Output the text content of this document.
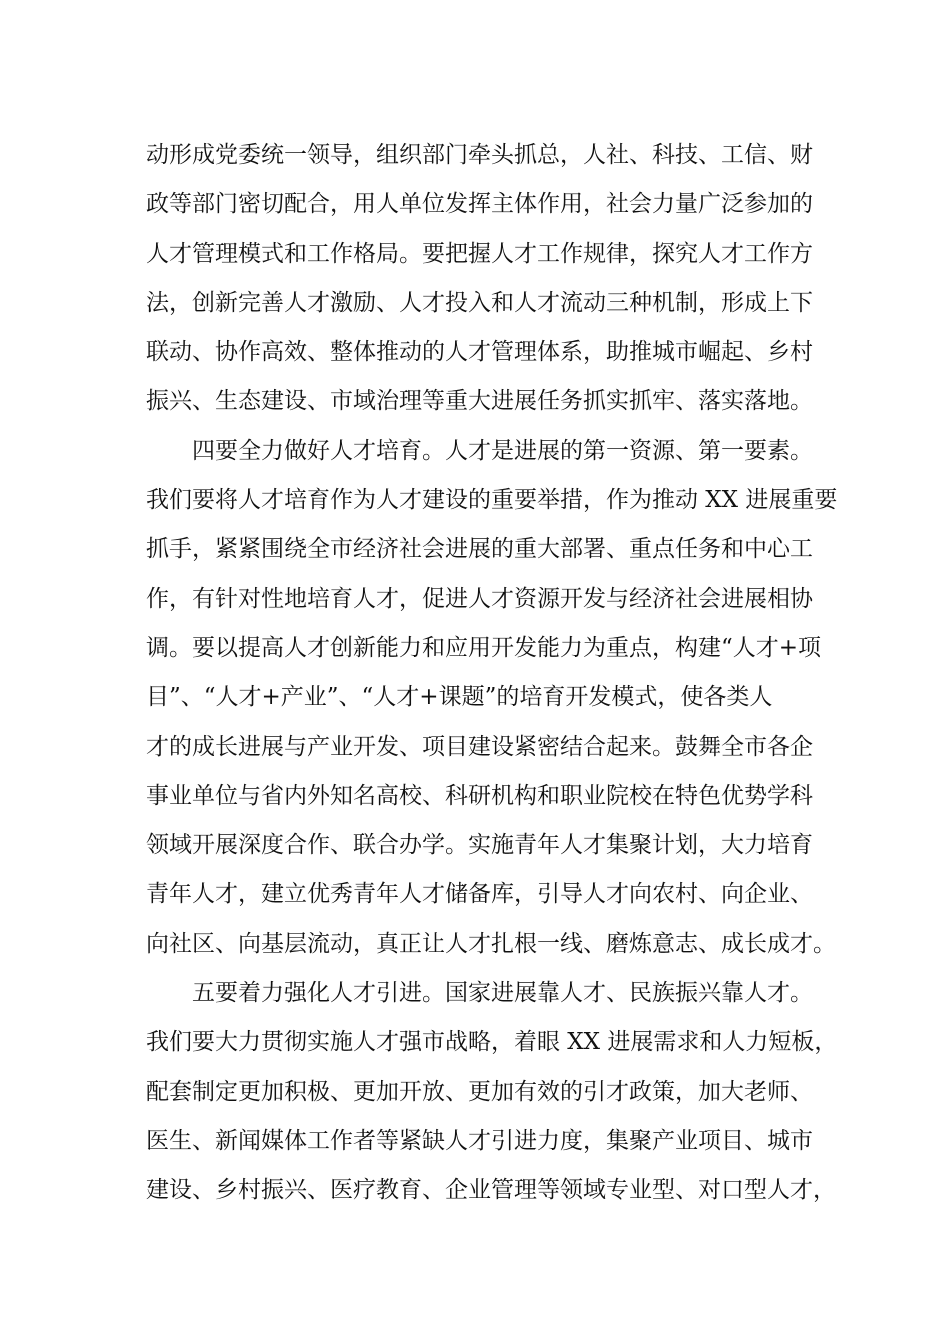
动形成党委统一领导，组织部门牵头抓总，人社、科技、工信、财
政等部门密切配合，用人单位发挥主体作用，社会力量广泛参加的
人才管理模式和工作格局。要把握人才工作规律，探究人才工作方
法，创新完善人才激励、人才投入和人才流动三种机制，形成上下
联动、协作高效、整体推动的人才管理体系，助推城市崛起、乡村
振兴、生态建设、市域治理等重大进展任务抓实抓牢、落实落地。
四要全力做好人才培育。人才是进展的第一资源、第一要素。
我们要将人才培育作为人才建设的重要举措，作为推动 XX 进展重要
抓手，紧紧围绕全市经济社会进展的重大部署、重点任务和中心工
作，有针对性地培育人才，促进人才资源开发与经济社会进展相协
调。要以提高人才创新能力和应用开发能力为重点，构建“人才+项
目”、“人才+产业”、“人才+课题”的培育开发模式，使各类人
才的成长进展与产业开发、项目建设紧密结合起来。鼓舞全市各企
事业单位与省内外知名高校、科研机构和职业院校在特色优势学科
领域开展深度合作、联合办学。实施青年人才集聚计划，大力培育
青年人才，建立优秀青年人才储备库，引导人才向农村、向企业、
向社区、向基层流动，真正让人才扎根一线、磨炼意志、成长成才。
五要着力强化人才引进。国家进展靠人才、民族振兴靠人才。
我们要大力贯彻实施人才强市战略，着眼 XX 进展需求和人力短板，
配套制定更加积极、更加开放、更加有效的引才政策，加大老师、
医生、新闻媒体工作者等紧缺人才引进力度，集聚产业项目、城市
建设、乡村振兴、医疗教育、企业管理等领域专业型、对口型人才，
